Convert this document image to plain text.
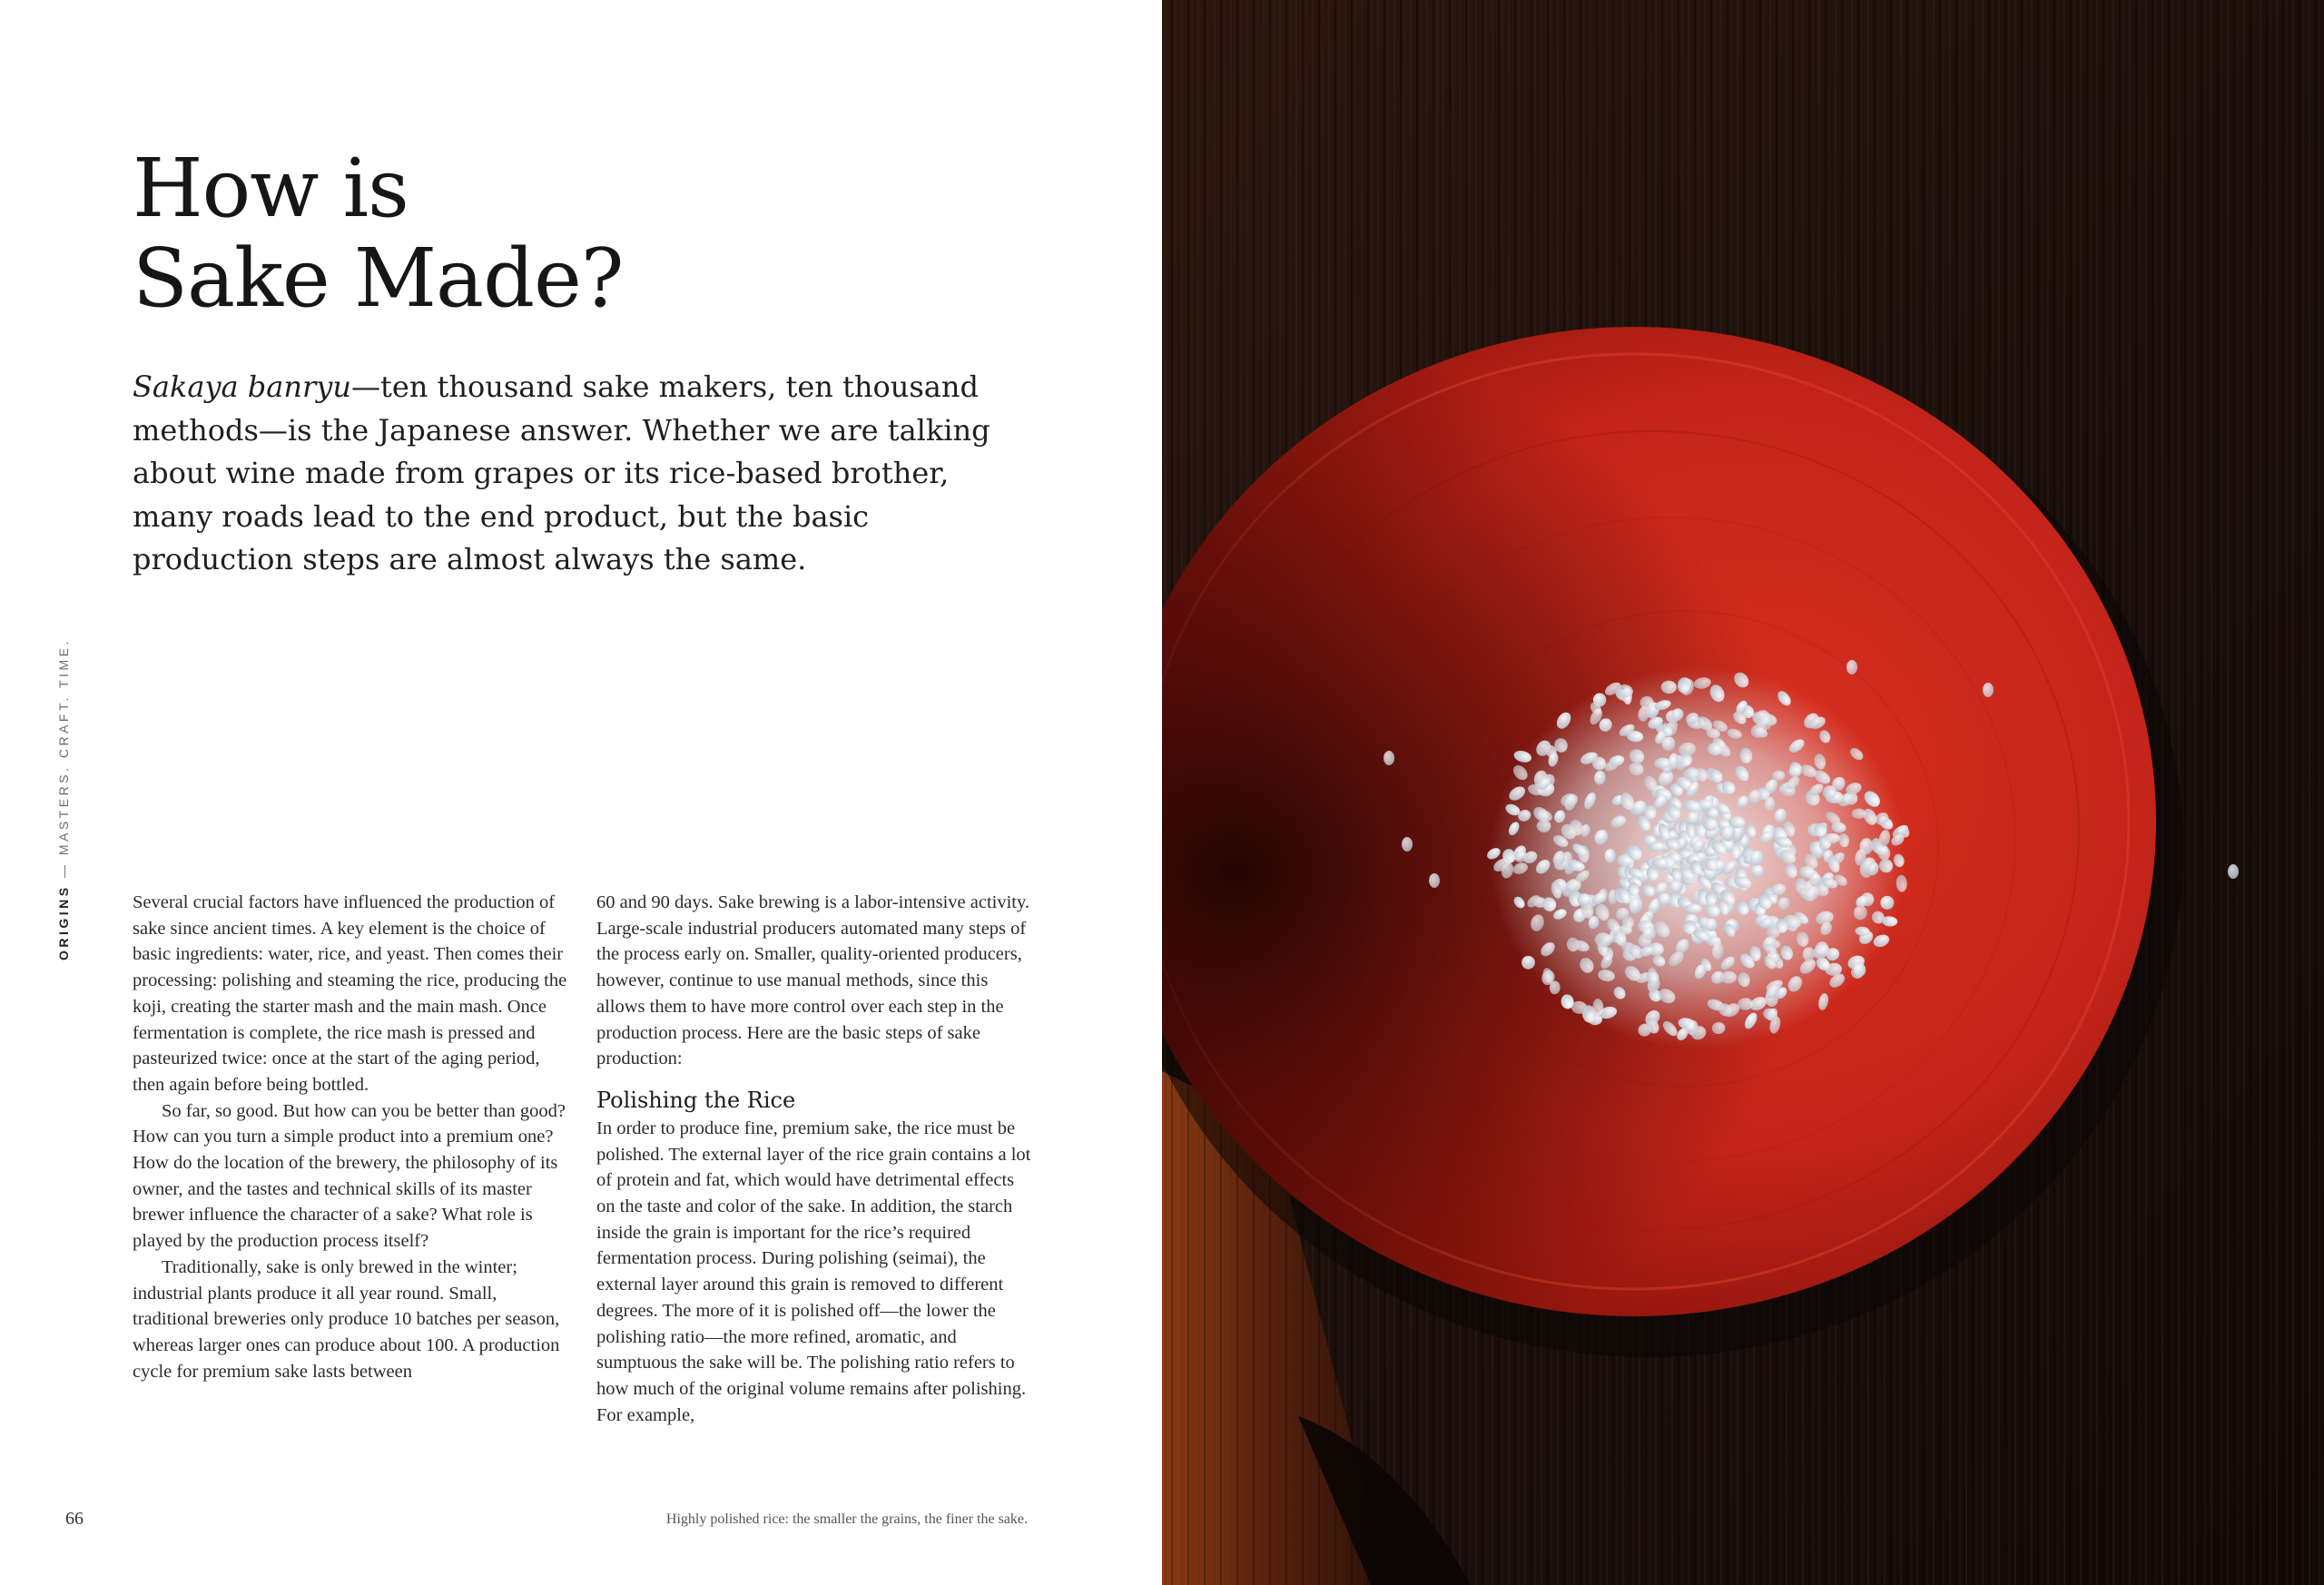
How is
Sake Made?

Sakaya banryu—ten thousand sake makers, ten thousand methods—is the Japanese answer. Whether we are talking about wine made from grapes or its rice-based brother, many roads lead to the end product, but the basic production steps are almost always the same.

ORIGINS — MASTERS. CRAFT. TIME.

Several crucial factors have influenced the production of sake since ancient times. A key element is the choice of basic ingredients: water, rice, and yeast. Then comes their processing: polishing and steaming the rice, producing the koji, creating the starter mash and the main mash. Once fermentation is complete, the rice mash is pressed and pasteurized twice: once at the start of the aging period, then again before being bottled.

So far, so good. But how can you be better than good? How can you turn a simple product into a premium one? How do the location of the brewery, the philosophy of its owner, and the tastes and technical skills of its master brewer influence the character of a sake? What role is played by the production process itself?

Traditionally, sake is only brewed in the winter; industrial plants produce it all year round. Small, traditional breweries only produce 10 batches per season, whereas larger ones can produce about 100. A production cycle for premium sake lasts between

60 and 90 days. Sake brewing is a labor-intensive activity. Large-scale industrial producers automated many steps of the process early on. Smaller, quality-oriented producers, however, continue to use manual methods, since this allows them to have more control over each step in the production process. Here are the basic steps of sake production:

Polishing the Rice

In order to produce fine, premium sake, the rice must be polished. The external layer of the rice grain contains a lot of protein and fat, which would have detrimental effects on the taste and color of the sake. In addition, the starch inside the grain is important for the rice’s required fermentation process. During polishing (seimai), the external layer around this grain is removed to different degrees. The more of it is polished off—the lower the polishing ratio—the more refined, aromatic, and sumptuous the sake will be. The polishing ratio refers to how much of the original volume remains after polishing. For example,

66	Highly polished rice: the smaller the grains, the finer the sake.
